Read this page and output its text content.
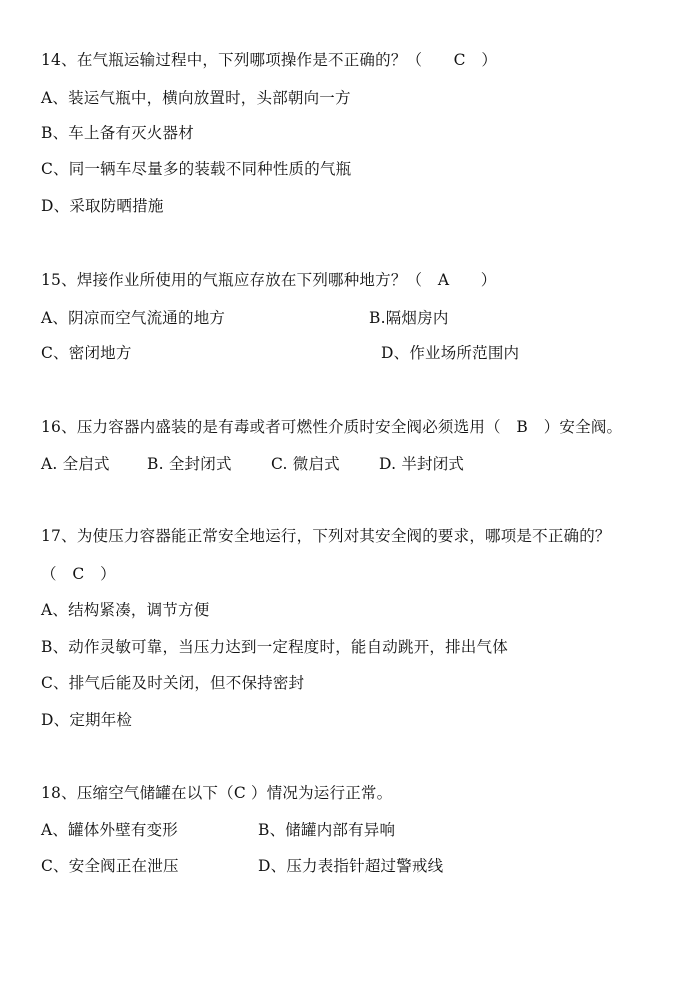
14、在气瓶运输过程中，下列哪项操作是不正确的？（　　C　）
A、装运气瓶中，横向放置时，头部朝向一方
B、车上备有灭火器材
C、同一辆车尽量多的装载不同种性质的气瓶
D、采取防晒措施
15、焊接作业所使用的气瓶应存放在下列哪种地方？（　A　　）
A、阴凉而空气流通的地方	B.隔烟房内
C、密闭地方	D、作业场所范围内
16、压力容器内盛装的是有毒或者可燃性介质时安全阀必须选用（　B　）安全阀。
A. 全启式 B. 全封闭式	C. 微启式	D. 半封闭式
17、为使压力容器能正常安全地运行，下列对其安全阀的要求，哪项是不正确的？
（　C　）
A、结构紧凑，调节方便
B、动作灵敏可靠，当压力达到一定程度时，能自动跳开，排出气体
C、排气后能及时关闭，但不保持密封
D、定期年检
18、压缩空气储罐在以下（C ）情况为运行正常。
A、罐体外壁有变形	B、储罐内部有异响
C、安全阀正在泄压	D、压力表指针超过警戒线
